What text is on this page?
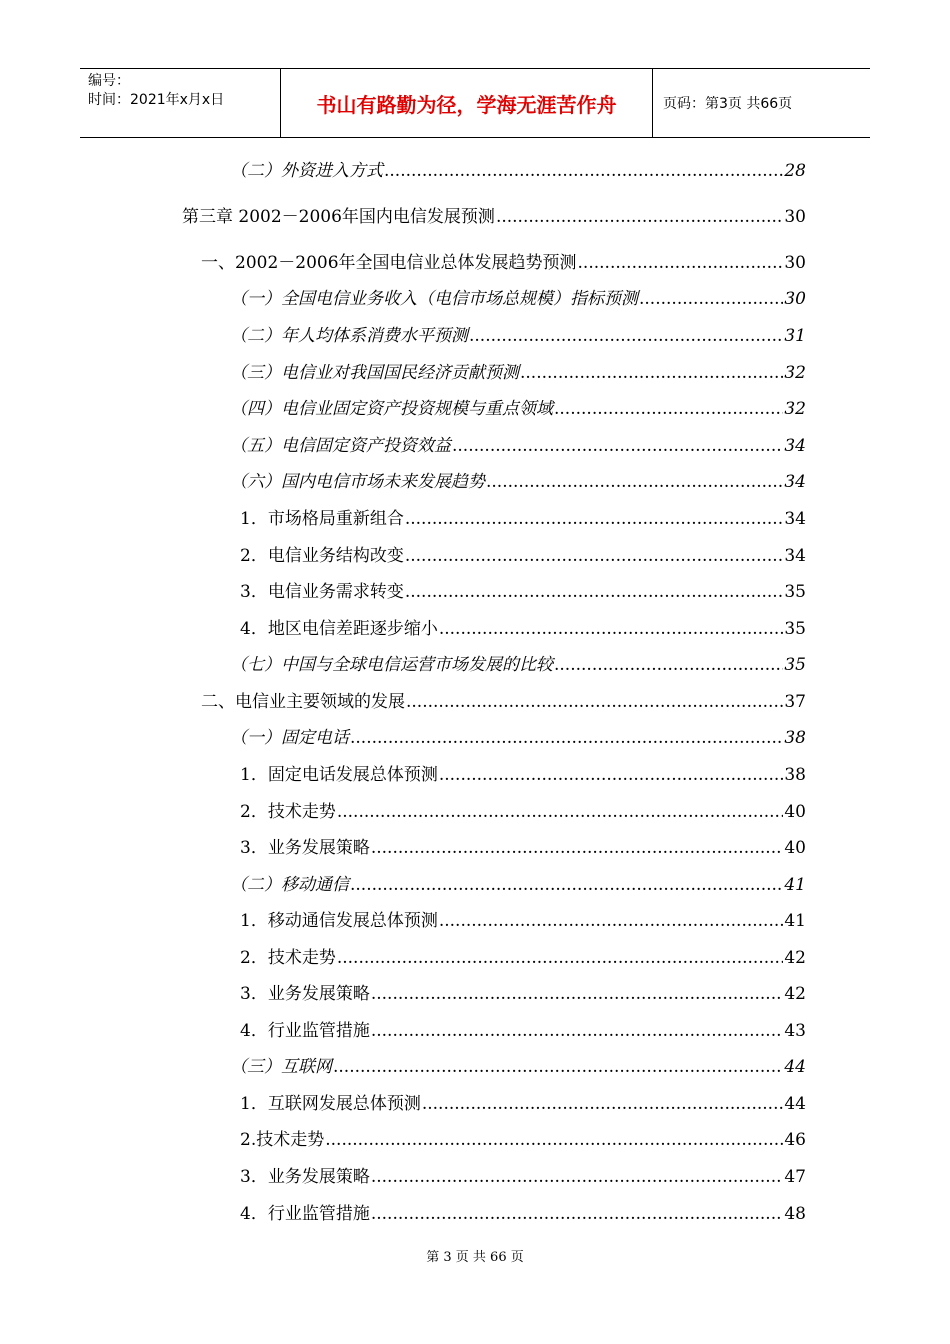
编号：
时间：2021年x月x日	书山有路勤为径，学海无涯苦作舟	页码：第3页 共66页
（二）外资进入方式 .....	28
第三章 2002－2006年国内电信发展预测 .....	30
一、2002－2006年全国电信业总体发展趋势预测 .....	30
（一）全国电信业务收入（电信市场总规模）指标预测 .....	30
（二）年人均体系消费水平预测 .....	31
（三）电信业对我国国民经济贡献预测 .....	32
（四）电信业固定资产投资规模与重点领域 .....	32
（五）电信固定资产投资效益 .....	34
（六）国内电信市场未来发展趋势 .....	34
1．市场格局重新组合 .....	34
2．电信业务结构改变 .....	34
3．电信业务需求转变 .....	35
4．地区电信差距逐步缩小 .....	35
（七）中国与全球电信运营市场发展的比较 .....	35
二、电信业主要领域的发展 .....	37
（一）固定电话 .....	38
1．固定电话发展总体预测 .....	38
2．技术走势 .....	40
3．业务发展策略 .....	40
（二）移动通信 .....	41
1．移动通信发展总体预测 .....	41
2．技术走势 .....	42
3．业务发展策略 .....	42
4．行业监管措施 .....	43
（三）互联网 .....	44
1．互联网发展总体预测 .....	44
2.技术走势 .....	46
3．业务发展策略 .....	47
4．行业监管措施 .....	48
第 3 页 共 66 页
